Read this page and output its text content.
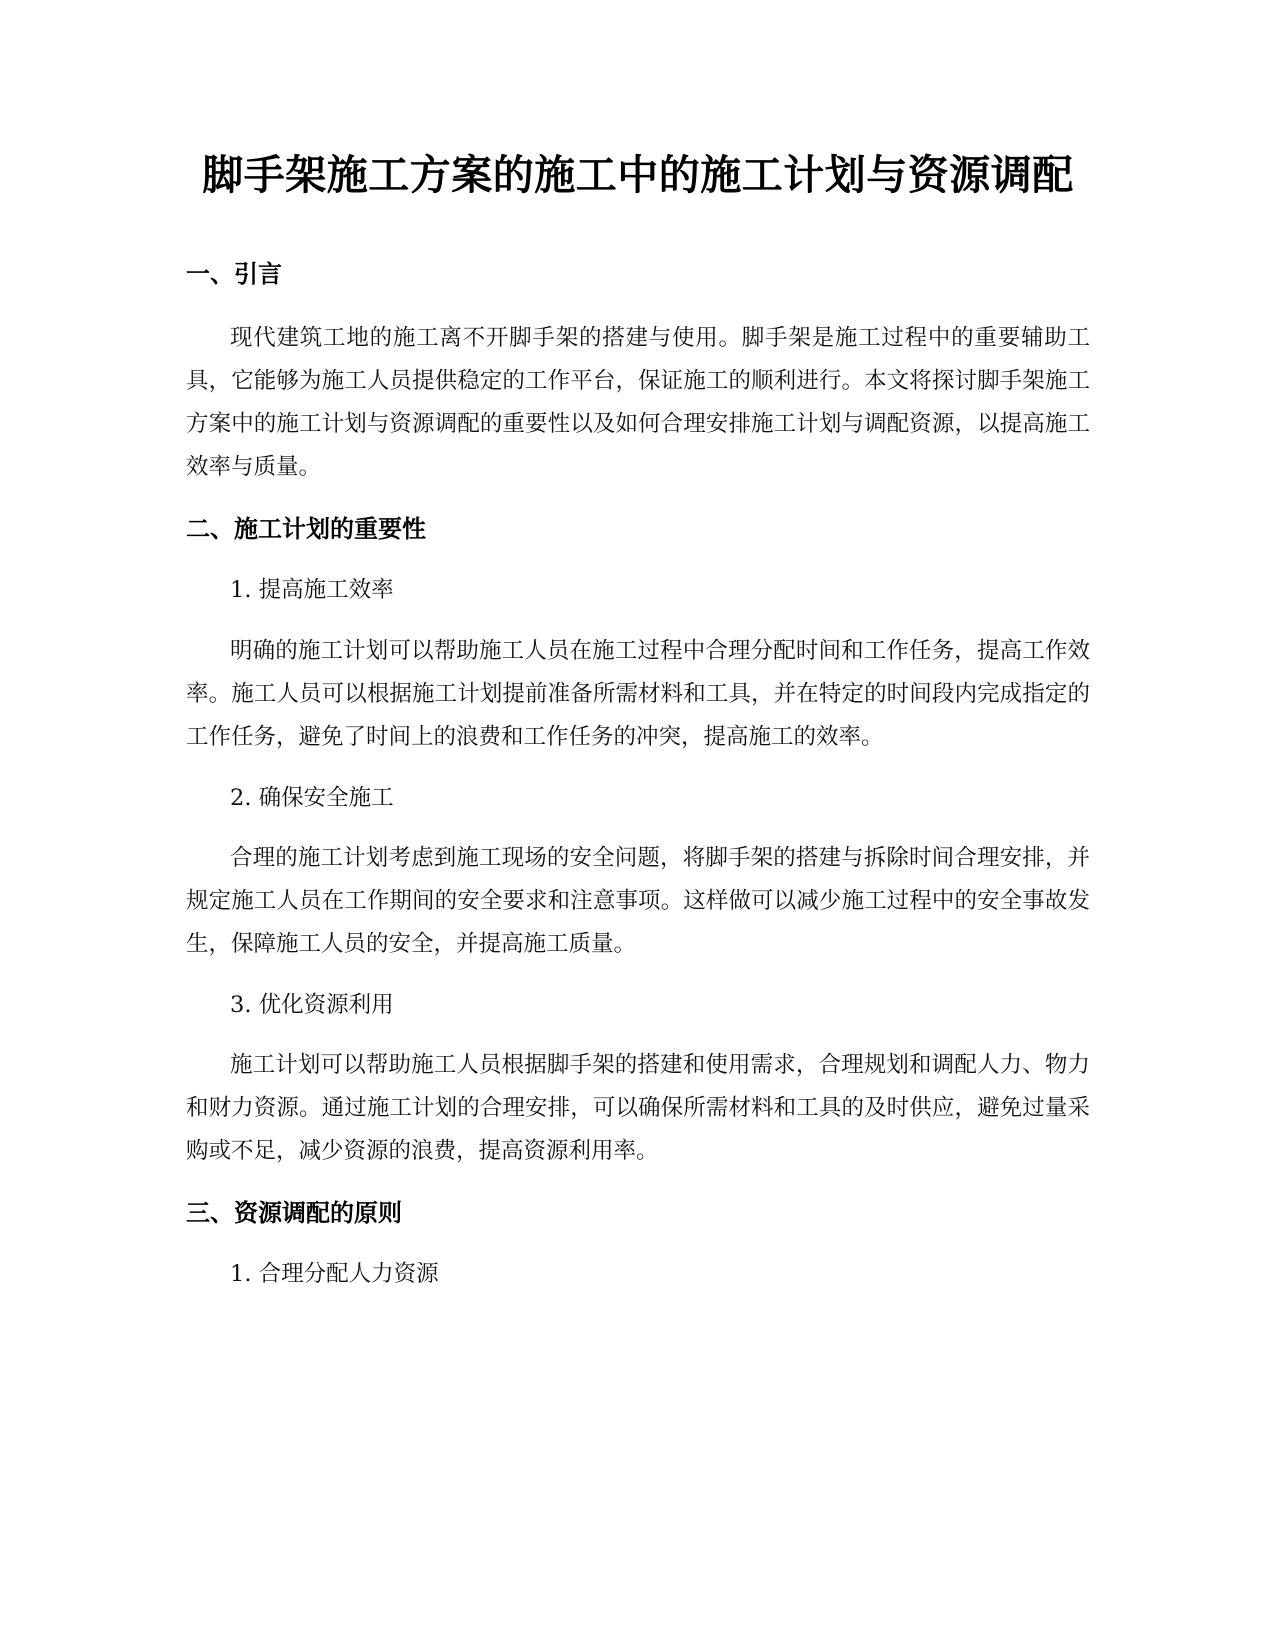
脚手架施工方案的施工中的施工计划与资源调配
一、引言

现代建筑工地的施工离不开脚手架的搭建与使用。脚手架是施工过程中的重要辅助工具，它能够为施工人员提供稳定的工作平台，保证施工的顺利进行。本文将探讨脚手架施工方案中的施工计划与资源调配的重要性以及如何合理安排施工计划与调配资源，以提高施工效率与质量。

二、施工计划的重要性

1. 提高施工效率

明确的施工计划可以帮助施工人员在施工过程中合理分配时间和工作任务，提高工作效率。施工人员可以根据施工计划提前准备所需材料和工具，并在特定的时间段内完成指定的工作任务，避免了时间上的浪费和工作任务的冲突，提高施工的效率。

2. 确保安全施工

合理的施工计划考虑到施工现场的安全问题，将脚手架的搭建与拆除时间合理安排，并规定施工人员在工作期间的安全要求和注意事项。这样做可以减少施工过程中的安全事故发生，保障施工人员的安全，并提高施工质量。

3. 优化资源利用

施工计划可以帮助施工人员根据脚手架的搭建和使用需求，合理规划和调配人力、物力和财力资源。通过施工计划的合理安排，可以确保所需材料和工具的及时供应，避免过量采购或不足，减少资源的浪费，提高资源利用率。

三、资源调配的原则

1. 合理分配人力资源
